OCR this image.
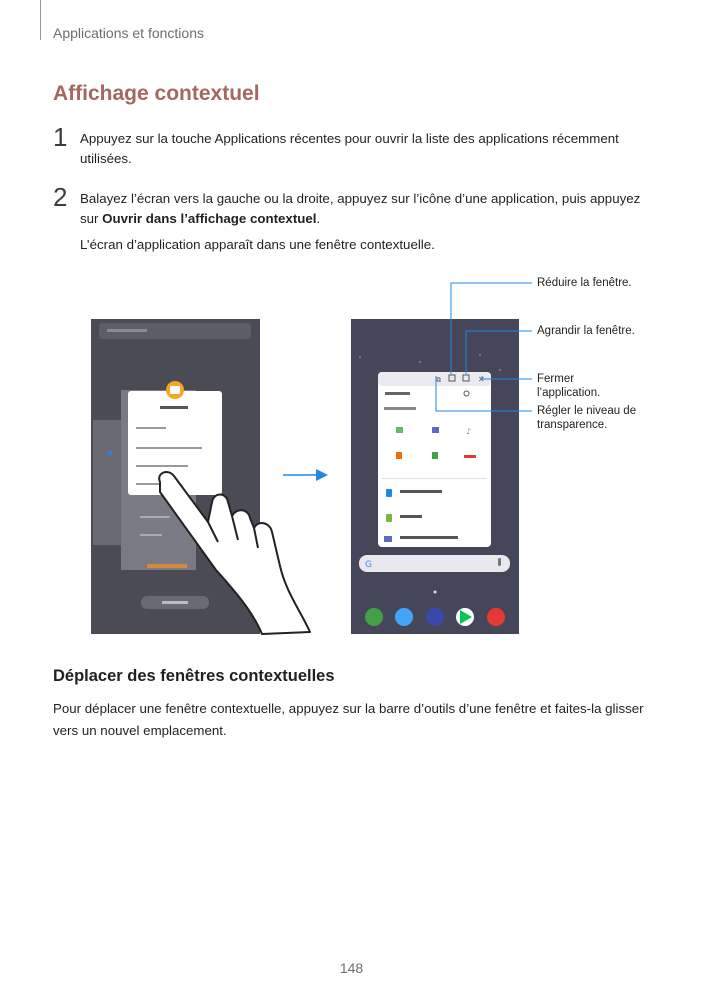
Applications et fonctions
Affichage contextuel
1 Appuyez sur la touche Applications récentes pour ouvrir la liste des applications récemment utilisées.
2 Balayez l’écran vers la gauche ou la droite, appuyez sur l’icône d’une application, puis appuyez sur Ouvrir dans l’affichage contextuel.
L’écran d’application apparaît dans une fenêtre contextuelle.
⧉	✕
♪
G
Réduire la fenêtre.
Agrandir la fenêtre.
Fermer
l’application.
Régler le niveau de
transparence.
Déplacer des fenêtres contextuelles
Pour déplacer une fenêtre contextuelle, appuyez sur la barre d’outils d’une fenêtre et faites-la glisser vers un nouvel emplacement.
148
